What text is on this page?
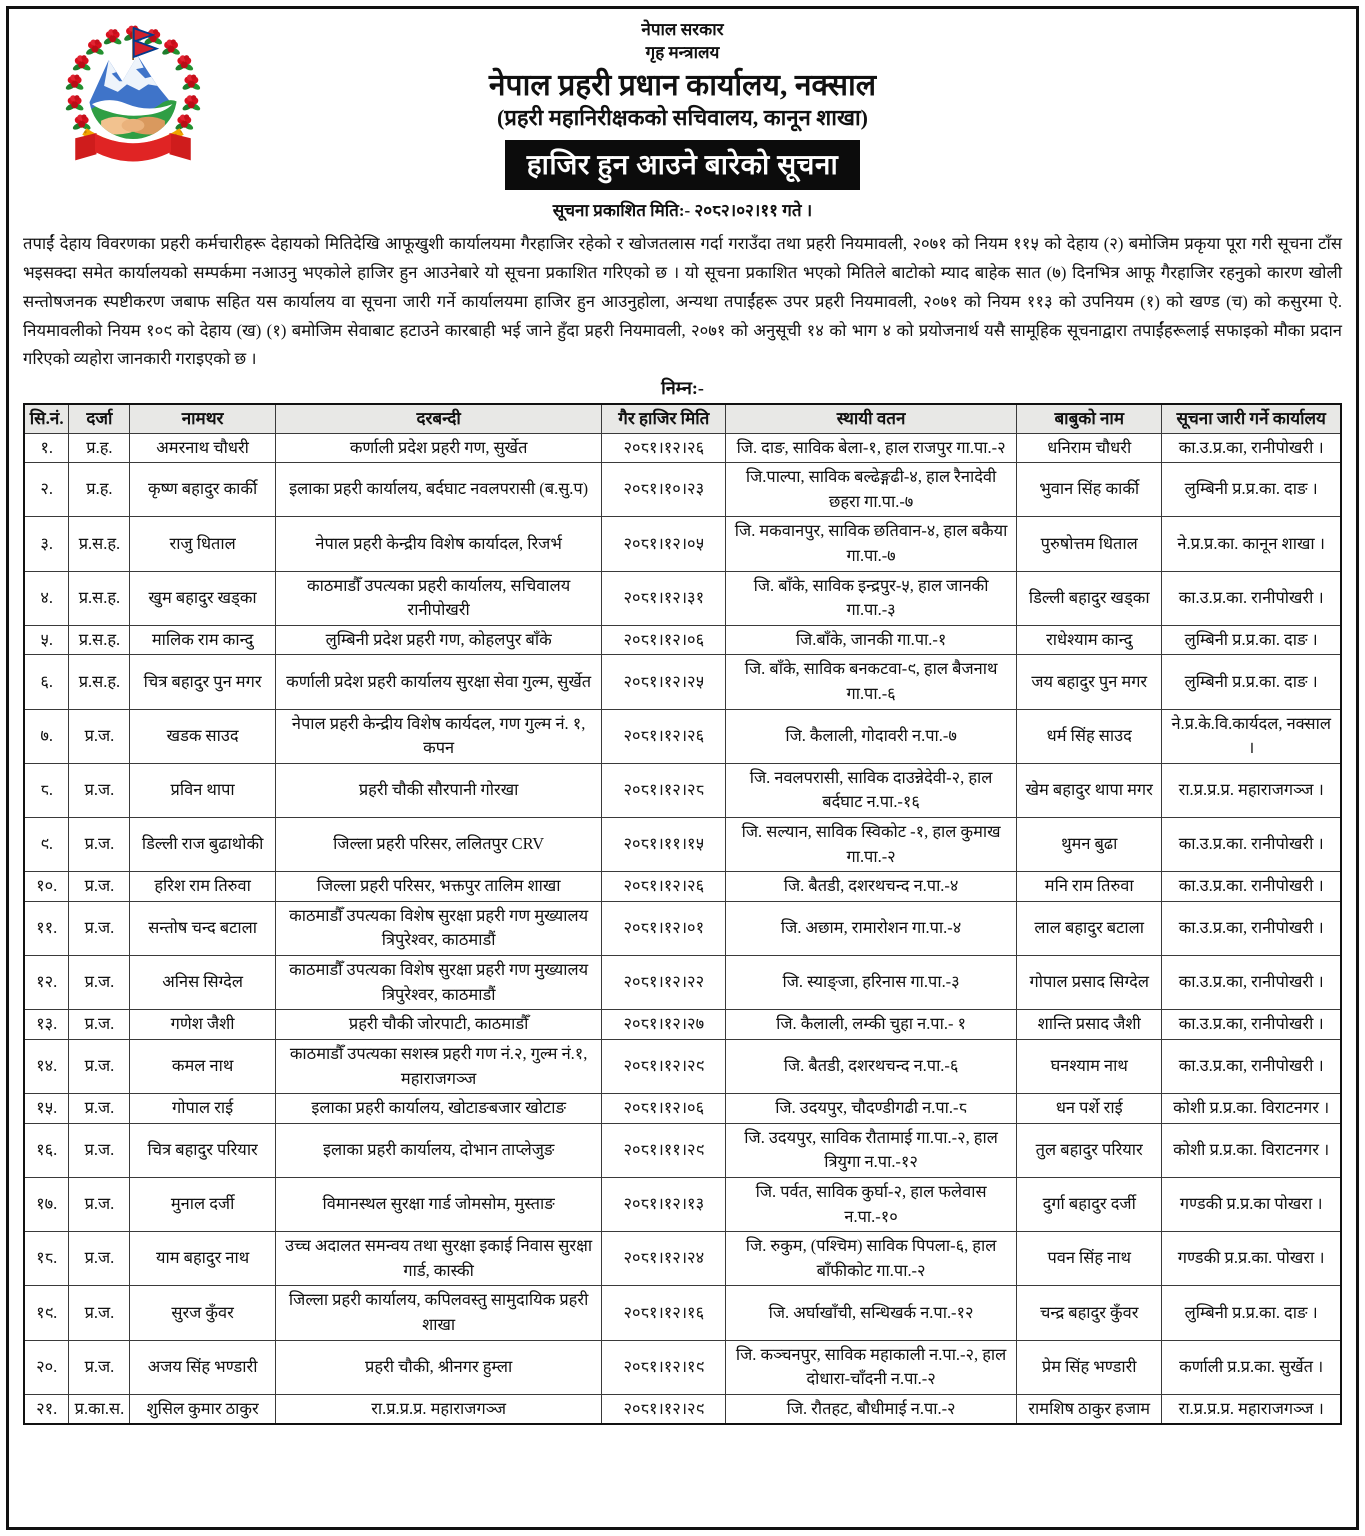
नेपाल सरकार
गृह मन्त्रालय
नेपाल प्रहरी प्रधान कार्यालय, नक्साल
(प्रहरी महानिरीक्षकको सचिवालय, कानून शाखा)
हाजिर हुन आउने बारेको सूचना
सूचना प्रकाशित मिति:- २०८२।०२।११ गते ।
तपाईं देहाय विवरणका प्रहरी कर्मचारीहरू देहायको मितिदेखि आफूखुशी कार्यालयमा गैरहाजिर रहेको र खोजतलास गर्दा गराउँदा तथा प्रहरी नियमावली, २०७१ को नियम ११५ को देहाय (२) बमोजिम प्रकृया पूरा गरी सूचना टाँस भइसक्दा समेत कार्यालयको सम्पर्कमा नआउनु भएकोले हाजिर हुन आउनेबारे यो सूचना प्रकाशित गरिएको छ । यो सूचना प्रकाशित भएको मितिले बाटोको म्याद बाहेक सात (७) दिनभित्र आफू गैरहाजिर रहनुको कारण खोली सन्तोषजनक स्पष्टीकरण जबाफ सहित यस कार्यालय वा सूचना जारी गर्ने कार्यालयमा हाजिर हुन आउनुहोला, अन्यथा तपाईंहरू उपर प्रहरी नियमावली, २०७१ को नियम ११३ को उपनियम (१) को खण्ड (च) को कसुरमा ऐ. नियमावलीको नियम १०९ को देहाय (ख) (१) बमोजिम सेवाबाट हटाउने कारबाही भई जाने हुँदा प्रहरी नियमावली, २०७१ को अनुसूची १४ को भाग ४ को प्रयोजनार्थ यसै सामूहिक सूचनाद्वारा तपाईंहरूलाई सफाइको मौका प्रदान गरिएको व्यहोरा जानकारी गराइएको छ ।
निम्न:-
सि.नं.	दर्जा	नामथर	दरबन्दी	गैर हाजिर मिति	स्थायी वतन	बाबुको नाम	सूचना जारी गर्ने कार्यालय
१.	प्र.ह.	अमरनाथ चौधरी	कर्णाली प्रदेश प्रहरी गण, सुर्खेत	२०८१।१२।२६	जि. दाङ, साविक बेला-१, हाल राजपुर गा.पा.-२	धनिराम चौधरी	का.उ.प्र.का, रानीपोखरी ।
२.	प्र.ह.	कृष्ण बहादुर कार्की	इलाका प्रहरी कार्यालय, बर्दघाट नवलपरासी (ब.सु.प)	२०८१।१०।२३	जि.पाल्पा, साविक बल्ढेङ्गढी-४, हाल रैनादेवी छहरा गा.पा.-७	भुवान सिंह कार्की	लुम्बिनी प्र.प्र.का. दाङ ।
३.	प्र.स.ह.	राजु धिताल	नेपाल प्रहरी केन्द्रीय विशेष कार्यादल, रिजर्भ	२०८१।१२।०५	जि. मकवानपुर, साविक छतिवान-४, हाल बकैया गा.पा.-७	पुरुषोत्तम धिताल	ने.प्र.प्र.का. कानून शाखा ।
४.	प्र.स.ह.	खुम बहादुर खड्का	काठमाडौँ उपत्यका प्रहरी कार्यालय, सचिवालय रानीपोखरी	२०८१।१२।३१	जि. बाँके, साविक इन्द्रपुर-५, हाल जानकी गा.पा.-३	डिल्ली बहादुर खड्का	का.उ.प्र.का. रानीपोखरी ।
५.	प्र.स.ह.	मालिक राम कान्दु	लुम्बिनी प्रदेश प्रहरी गण, कोहलपुर बाँके	२०८१।१२।०६	जि.बाँके, जानकी गा.पा.-१	राधेश्याम कान्दु	लुम्बिनी प्र.प्र.का. दाङ ।
६.	प्र.स.ह.	चित्र बहादुर पुन मगर	कर्णाली प्रदेश प्रहरी कार्यालय सुरक्षा सेवा गुल्म, सुर्खेत	२०८१।१२।२५	जि. बाँके, साविक बनकटवा-९, हाल बैजनाथ गा.पा.-६	जय बहादुर पुन मगर	लुम्बिनी प्र.प्र.का. दाङ ।
७.	प्र.ज.	खडक साउद	नेपाल प्रहरी केन्द्रीय विशेष कार्यदल, गण गुल्म नं. १, कपन	२०८१।१२।२६	जि. कैलाली, गोदावरी न.पा.-७	धर्म सिंह साउद	ने.प्र.के.वि.कार्यदल, नक्साल ।
८.	प्र.ज.	प्रविन थापा	प्रहरी चौकी सौरपानी गोरखा	२०८१।१२।२८	जि. नवलपरासी, साविक दाउन्नेदेवी-२, हाल बर्दघाट न.पा.-१६	खेम बहादुर थापा मगर	रा.प्र.प्र.प्र. महाराजगञ्ज ।
९.	प्र.ज.	डिल्ली राज बुढाथोकी	जिल्ला प्रहरी परिसर, ललितपुर CRV	२०८१।११।१५	जि. सल्यान, साविक स्विकोट -१, हाल कुमाख गा.पा.-२	थुमन बुढा	का.उ.प्र.का. रानीपोखरी ।
१०.	प्र.ज.	हरिश राम तिरुवा	जिल्ला प्रहरी परिसर, भक्तपुर तालिम शाखा	२०८१।१२।२६	जि. बैतडी, दशरथचन्द न.पा.-४	मनि राम तिरुवा	का.उ.प्र.का. रानीपोखरी ।
११.	प्र.ज.	सन्तोष चन्द बटाला	काठमाडौँ उपत्यका विशेष सुरक्षा प्रहरी गण मुख्यालय त्रिपुरेश्वर, काठमाडौं	२०८१।१२।०१	जि. अछाम, रामारोशन गा.पा.-४	लाल बहादुर बटाला	का.उ.प्र.का, रानीपोखरी ।
१२.	प्र.ज.	अनिस सिग्देल	काठमाडौँ उपत्यका विशेष सुरक्षा प्रहरी गण मुख्यालय त्रिपुरेश्वर, काठमाडौं	२०८१।१२।२२	जि. स्याङ्जा, हरिनास गा.पा.-३	गोपाल प्रसाद सिग्देल	का.उ.प्र.का, रानीपोखरी ।
१३.	प्र.ज.	गणेश जैशी	प्रहरी चौकी जोरपाटी, काठमाडौँ	२०८१।१२।२७	जि. कैलाली, लम्की चुहा न.पा.- १	शान्ति प्रसाद जैशी	का.उ.प्र.का, रानीपोखरी ।
१४.	प्र.ज.	कमल नाथ	काठमाडौँ उपत्यका सशस्त्र प्रहरी गण नं.२, गुल्म नं.१, महाराजगञ्ज	२०८१।१२।२९	जि. बैतडी, दशरथचन्द न.पा.-६	घनश्याम नाथ	का.उ.प्र.का, रानीपोखरी ।
१५.	प्र.ज.	गोपाल राई	इलाका प्रहरी कार्यालय, खोटाङबजार खोटाङ	२०८१।१२।०६	जि. उदयपुर, चौदण्डीगढी न.पा.-८	धन पर्शे राई	कोशी प्र.प्र.का. विराटनगर ।
१६.	प्र.ज.	चित्र बहादुर परियार	इलाका प्रहरी कार्यालय, दोभान ताप्लेजुङ	२०८१।११।२९	जि. उदयपुर, साविक रौतामाई गा.पा.-२, हाल त्रियुगा न.पा.-१२	तुल बहादुर परियार	कोशी प्र.प्र.का. विराटनगर ।
१७.	प्र.ज.	मुनाल दर्जी	विमानस्थल सुरक्षा गार्ड जोमसोम, मुस्ताङ	२०८१।१२।१३	जि. पर्वत, साविक कुर्घा-२, हाल फलेवास न.पा.-१०	दुर्गा बहादुर दर्जी	गण्डकी प्र.प्र.का पोखरा ।
१८.	प्र.ज.	याम बहादुर नाथ	उच्च अदालत समन्वय तथा सुरक्षा इकाई निवास सुरक्षा गार्ड, कास्की	२०८१।१२।२४	जि. रुकुम, (पश्चिम) साविक पिपला-६, हाल बाँफीकोट गा.पा.-२	पवन सिंह नाथ	गण्डकी प्र.प्र.का. पोखरा ।
१९.	प्र.ज.	सुरज कुँवर	जिल्ला प्रहरी कार्यालय, कपिलवस्तु सामुदायिक प्रहरी शाखा	२०८१।१२।१६	जि. अर्घाखाँची, सन्धिखर्क न.पा.-१२	चन्द्र बहादुर कुँवर	लुम्बिनी प्र.प्र.का. दाङ ।
२०.	प्र.ज.	अजय सिंह भण्डारी	प्रहरी चौकी, श्रीनगर हुम्ला	२०८१।१२।१९	जि. कञ्चनपुर, साविक महाकाली न.पा.-२, हाल दोधारा-चाँदनी न.पा.-२	प्रेम सिंह भण्डारी	कर्णाली प्र.प्र.का. सुर्खेत ।
२१.	प्र.का.स.	शुसिल कुमार ठाकुर	रा.प्र.प्र.प्र. महाराजगञ्ज	२०८१।१२।२९	जि. रौतहट, बौधीमाई न.पा.-२	रामशिष ठाकुर हजाम	रा.प्र.प्र.प्र. महाराजगञ्ज ।
